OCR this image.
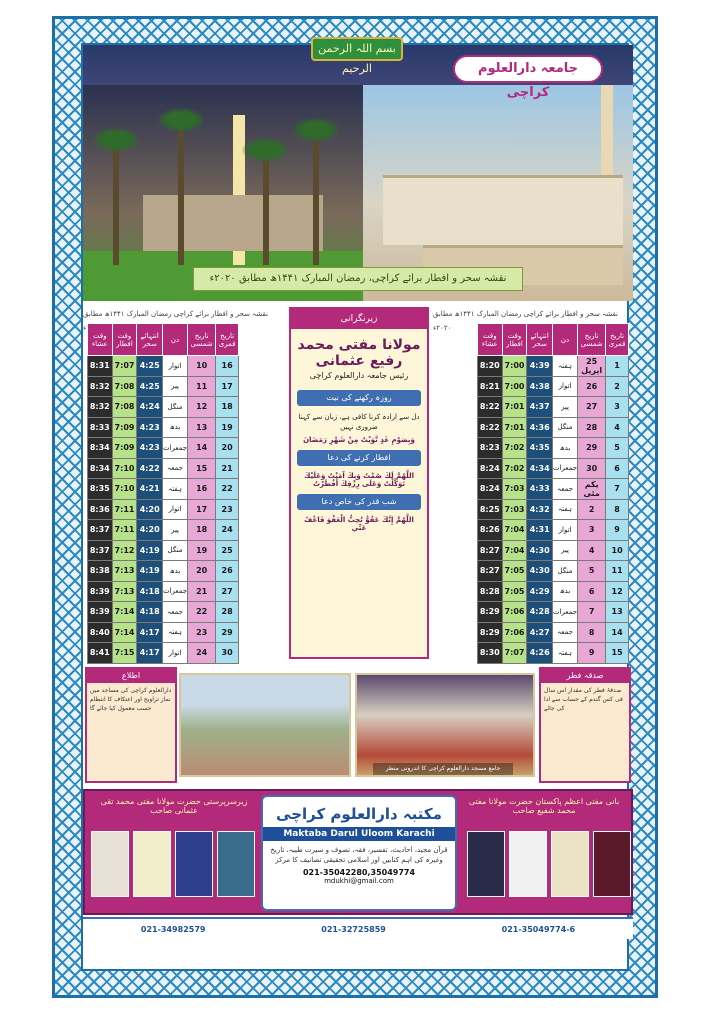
بسم اللہ الرحمن الرحیم	جامعہ دارالعلوم کراچی
نقشہ سحر و افطار برائے کراچی، رمضان المبارک ۱۴۴۱ھ مطابق ۲۰۲۰ء
نقشہ سحر و افطار برائے کراچی رمضان المبارک ۱۴۴۱ھ مطابق ء
نقشہ سحر و افطار برائے کراچی رمضان المبارک ۱۴۴۱ھ مطابق ۲۰۲۰ء
وقت عشاء	وقت افطار	انتہائے سحر	دن	تاریخ شمسی	تاریخ قمری
8:31	7:07	4:25	اتوار	10	16
8:32	7:08	4:25	پیر	11	17
8:32	7:08	4:24	منگل	12	18
8:33	7:09	4:23	بدھ	13	19
8:34	7:09	4:23	جمعرات	14	20
8:34	7:10	4:22	جمعہ	15	21
8:35	7:10	4:21	ہفتہ	16	22
8:36	7:11	4:20	اتوار	17	23
8:37	7:11	4:20	پیر	18	24
8:37	7:12	4:19	منگل	19	25
8:38	7:13	4:19	بدھ	20	26
8:39	7:13	4:18	جمعرات	21	27
8:39	7:14	4:18	جمعہ	22	28
8:40	7:14	4:17	ہفتہ	23	29
8:41	7:15	4:17	اتوار	24	30
زیرنگرانی
مولانا مفتی محمد رفیع عثمانی
رئیس جامعہ دارالعلوم کراچی
روزہ رکھنے کی نیت
دل سے ارادہ کرنا کافی ہے، زبان سے کہنا ضروری نہیں
وَبِصَوْمِ غَدٍ نَّوَيْتُ مِنْ شَهْرِ رَمَضَانَ
افطار کرنے کی دعا
اللَّهُمَّ لَكَ صُمْتُ وَبِكَ آمَنْتُ وَعَلَيْكَ تَوَكَّلْتُ وَعَلَى رِزْقِكَ أَفْطَرْتُ
شب قدر کی خاص دعا
اللَّهُمَّ إِنَّكَ عَفُوٌّ تُحِبُّ الْعَفْوَ فَاعْفُ عَنِّي
وقت عشاء	وقت افطار	انتہائے سحر	دن	تاریخ شمسی	تاریخ قمری
8:20	7:00	4:39	ہفتہ	25 اپریل	1
8:21	7:00	4:38	اتوار	26	2
8:22	7:01	4:37	پیر	27	3
8:22	7:01	4:36	منگل	28	4
8:23	7:02	4:35	بدھ	29	5
8:24	7:02	4:34	جمعرات	30	6
8:24	7:03	4:33	جمعہ	یکم مئی	7
8:25	7:03	4:32	ہفتہ	2	8
8:26	7:04	4:31	اتوار	3	9
8:27	7:04	4:30	پیر	4	10
8:27	7:05	4:30	منگل	5	11
8:28	7:05	4:29	بدھ	6	12
8:29	7:06	4:28	جمعرات	7	13
8:29	7:06	4:27	جمعہ	8	14
8:30	7:07	4:26	ہفتہ	9	15
اطلاع
دارالعلوم کراچی کی مساجد میں نماز تراویح اور اعتکاف کا انتظام حسب معمول کیا جائے گا
جامع مسجد دارالعلوم کراچی کا اندرونی منظر
صدقہ فطر
صدقۂ فطر کی مقدار اس سال فی کس گندم کے حساب سے ادا کی جائے
زیرسرپرستی حضرت مولانا مفتی محمد تقی عثمانی صاحب	مکتبہ دارالعلوم کراچی
Maktaba Darul Uloom Karachi
قرآن مجید، احادیث، تفسیر، فقہ، تصوف و سیرت طیبہ، تاریخ وغیرہ کی اہم کتابیں اور اسلامی تحقیقی تصانیف کا مرکز
021-35042280,35049774
mdukhi@gmail.com
بانی مفتی اعظم پاکستان حضرت مولانا مفتی محمد شفیع صاحب
021-34982579	021-32725859	021-35049774-6
